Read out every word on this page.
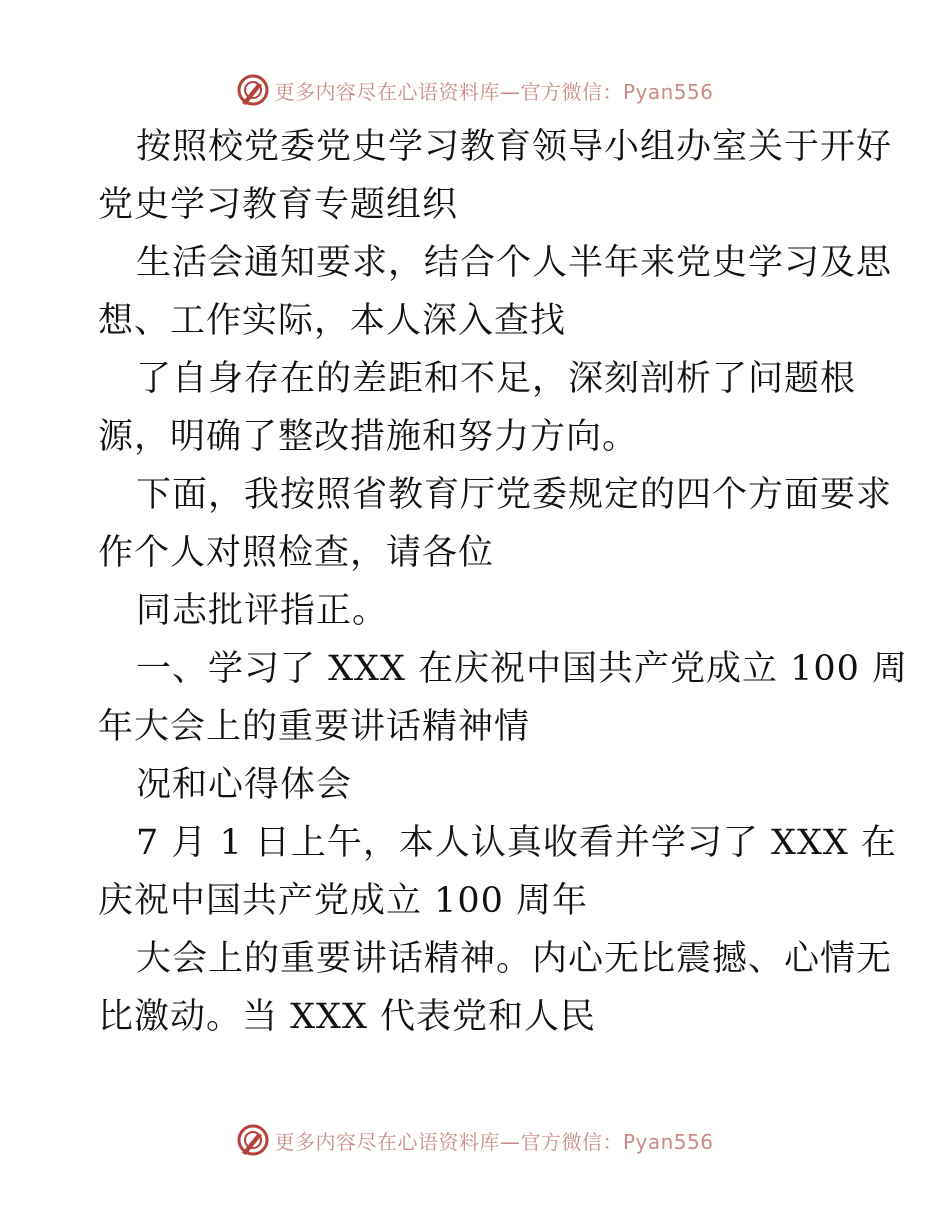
更多内容尽在心语资料库—官方微信：Pyan556
按照校党委党史学习教育领导小组办室关于开好
党史学习教育专题组织
生活会通知要求，结合个人半年来党史学习及思
想、工作实际，本人深入查找
了自身存在的差距和不足，深刻剖析了问题根
源，明确了整改措施和努力方向。
下面，我按照省教育厅党委规定的四个方面要求
作个人对照检查，请各位
同志批评指正。
一、学习了 XXX 在庆祝中国共产党成立 100 周
年大会上的重要讲话精神情
况和心得体会
7 月 1 日上午，本人认真收看并学习了 XXX 在
庆祝中国共产党成立 100 周年
大会上的重要讲话精神。内心无比震撼、心情无
比激动。当 XXX 代表党和人民
更多内容尽在心语资料库—官方微信：Pyan556
